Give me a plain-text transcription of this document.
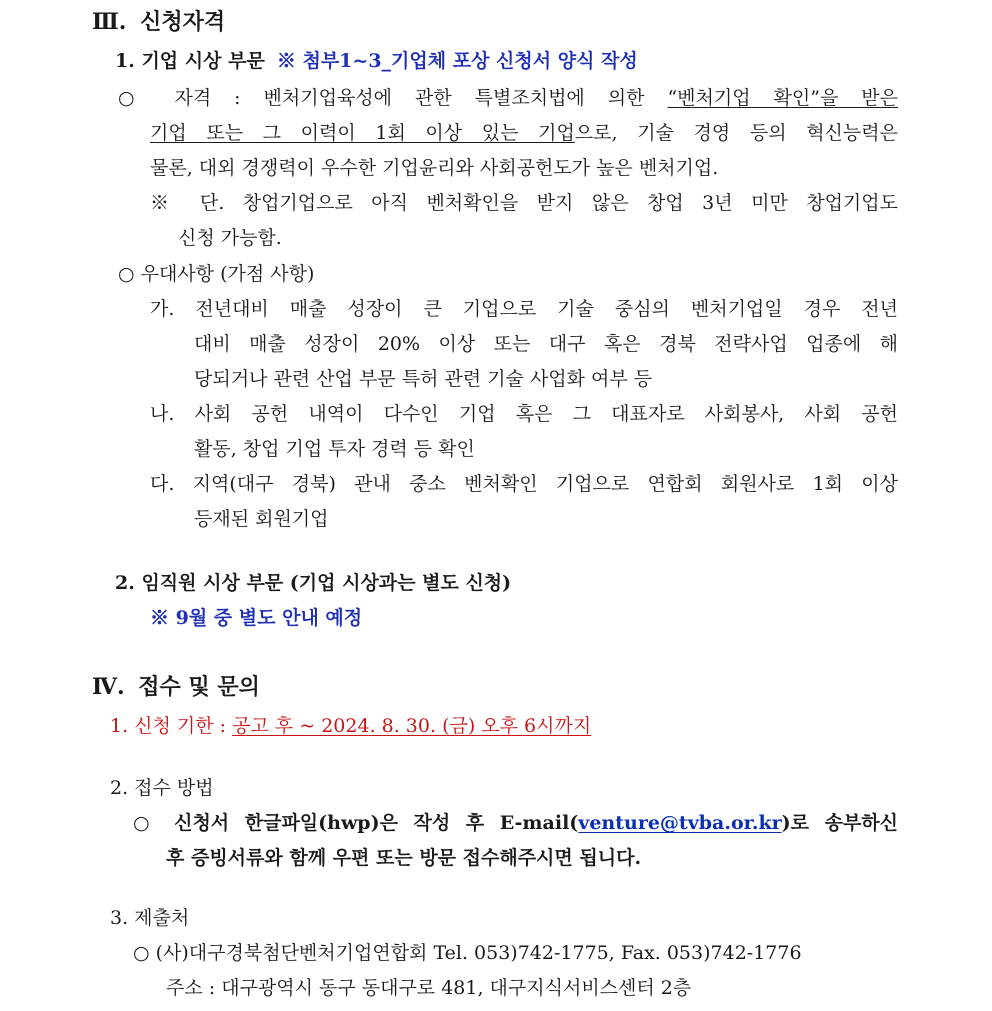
Ⅲ. 신청자격
1. 기업 시상 부문 ※ 첨부1~3_기업체 포상 신청서 양식 작성
○ 자격 : 벤처기업육성에 관한 특별조치법에 의한 “벤처기업 확인”을 받은
기업 또는 그 이력이 1회 이상 있는 기업으로, 기술 경영 등의 혁신능력은
물론, 대외 경쟁력이 우수한 기업윤리와 사회공헌도가 높은 벤처기업.
※ 단. 창업기업으로 아직 벤처확인을 받지 않은 창업 3년 미만 창업기업도
신청 가능함.
○ 우대사항 (가점 사항)
가. 전년대비 매출 성장이 큰 기업으로 기술 중심의 벤처기업일 경우 전년
대비 매출 성장이 20% 이상 또는 대구 혹은 경북 전략사업 업종에 해
당되거나 관련 산업 부문 특허 관련 기술 사업화 여부 등
나. 사회 공헌 내역이 다수인 기업 혹은 그 대표자로 사회봉사, 사회 공헌
활동, 창업 기업 투자 경력 등 확인
다. 지역(대구 경북) 관내 중소 벤처확인 기업으로 연합회 회원사로 1회 이상
등재된 회원기업
2. 임직원 시상 부문 (기업 시상과는 별도 신청)
※ 9월 중 별도 안내 예정
Ⅳ. 접수 및 문의
1. 신청 기한 : 공고 후 ~ 2024. 8. 30. (금) 오후 6시까지
2. 접수 방법
○ 신청서 한글파일(hwp)은 작성 후 E-mail(venture@tvba.or.kr)로 송부하신
후 증빙서류와 함께 우편 또는 방문 접수해주시면 됩니다.
3. 제출처
○ (사)대구경북첨단벤처기업연합회 Tel. 053)742-1775, Fax. 053)742-1776
주소 : 대구광역시 동구 동대구로 481, 대구지식서비스센터 2층
